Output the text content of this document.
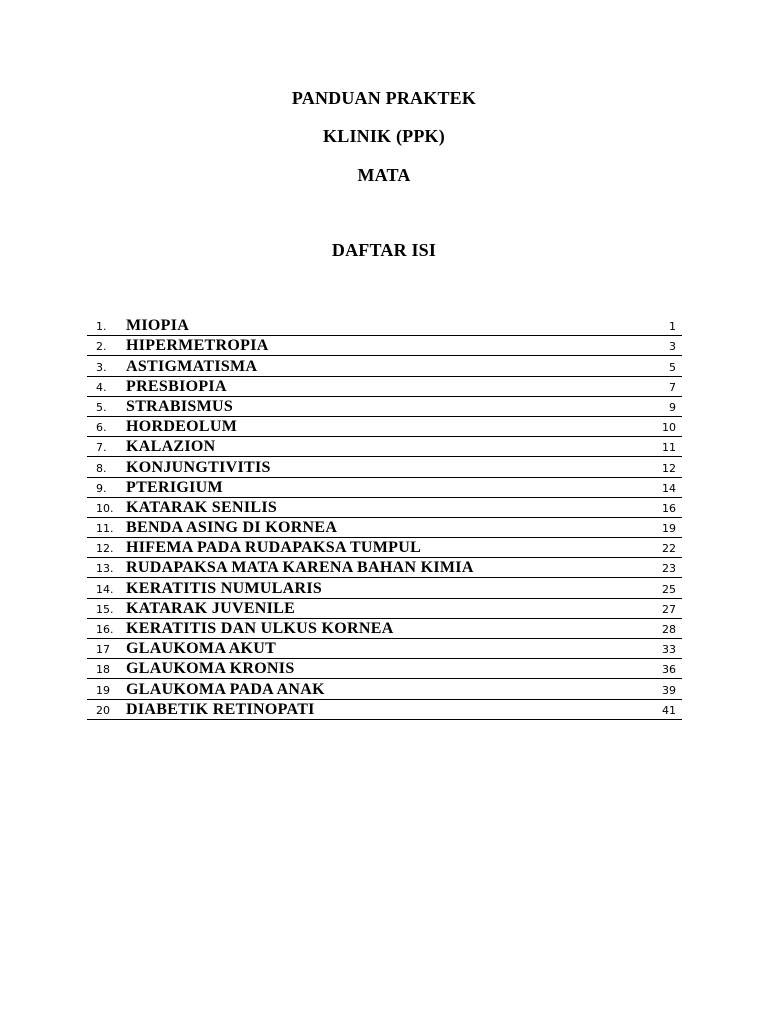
PANDUAN PRAKTEK
KLINIK (PPK)
MATA
DAFTAR ISI
1. MIOPIA	1
2. HIPERMETROPIA	3
3. ASTIGMATISMA	5
4. PRESBIOPIA	7
5. STRABISMUS	9
6. HORDEOLUM	10
7. KALAZION	11
8. KONJUNGTIVITIS	12
9. PTERIGIUM	14
10. KATARAK SENILIS	16
11. BENDA ASING DI KORNEA	19
12. HIFEMA PADA RUDAPAKSA TUMPUL	22
13. RUDAPAKSA MATA KARENA BAHAN KIMIA	23
14. KERATITIS NUMULARIS	25
15. KATARAK JUVENILE	27
16. KERATITIS DAN ULKUS KORNEA	28
17 GLAUKOMA AKUT	33
18 GLAUKOMA KRONIS	36
19 GLAUKOMA PADA ANAK	39
20 DIABETIK RETINOPATI	41
